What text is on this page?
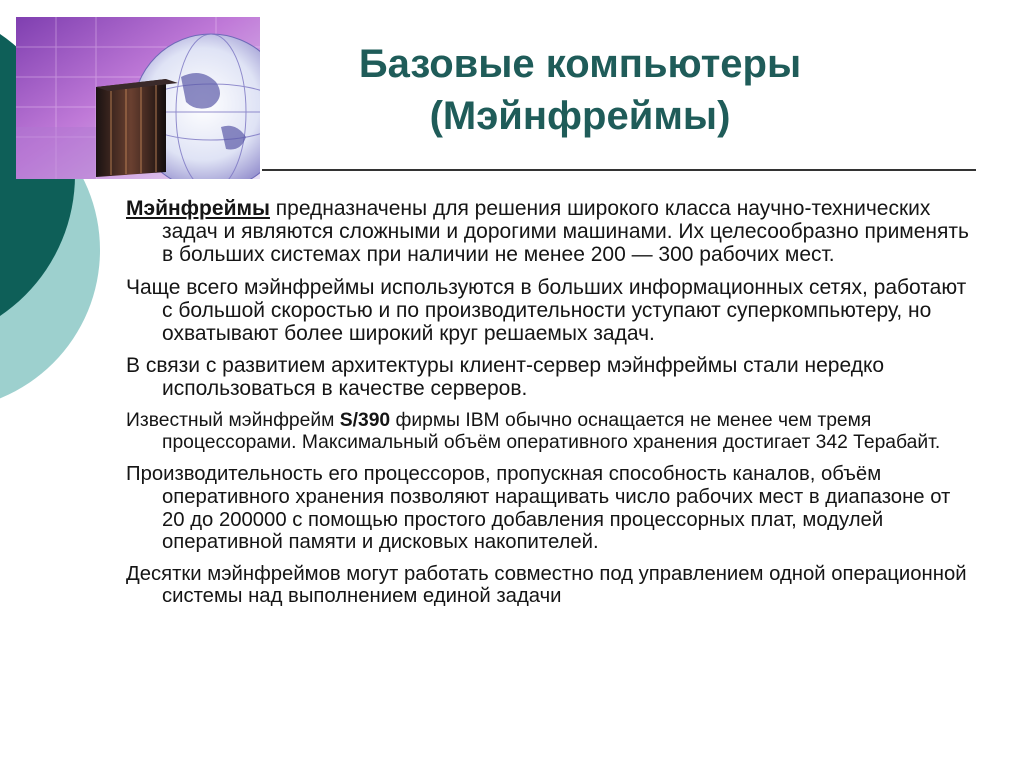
Базовые компьютеры
(Мэйнфреймы)

Мэйнфреймы предназначены для решения широкого класса научно-технических задач и являются сложными и дорогими машинами. Их целесообразно применять в больших системах при наличии не менее 200 — 300 рабочих мест.

Чаще всего мэйнфреймы используются в больших информационных сетях, работают с большой скоростью и по производительности уступают суперкомпьютеру, но охватывают более широкий круг решаемых задач.

В связи с развитием архитектуры клиент-сервер мэйнфреймы стали нередко использоваться в качестве серверов.

Известный мэйнфрейм S/390 фирмы IBM обычно оснащается не менее чем тремя процессорами. Максимальный объём оперативного хранения достигает 342 Терабайт.

Производительность его процессоров, пропускная способность каналов, объём оперативного хранения позволяют наращивать число рабочих мест в диапазоне от 20 до 200000 с помощью простого добавления процессорных плат, модулей оперативной памяти и дисковых накопителей.

Десятки мэйнфреймов могут работать совместно под управлением одной операционной системы над выполнением единой задачи
